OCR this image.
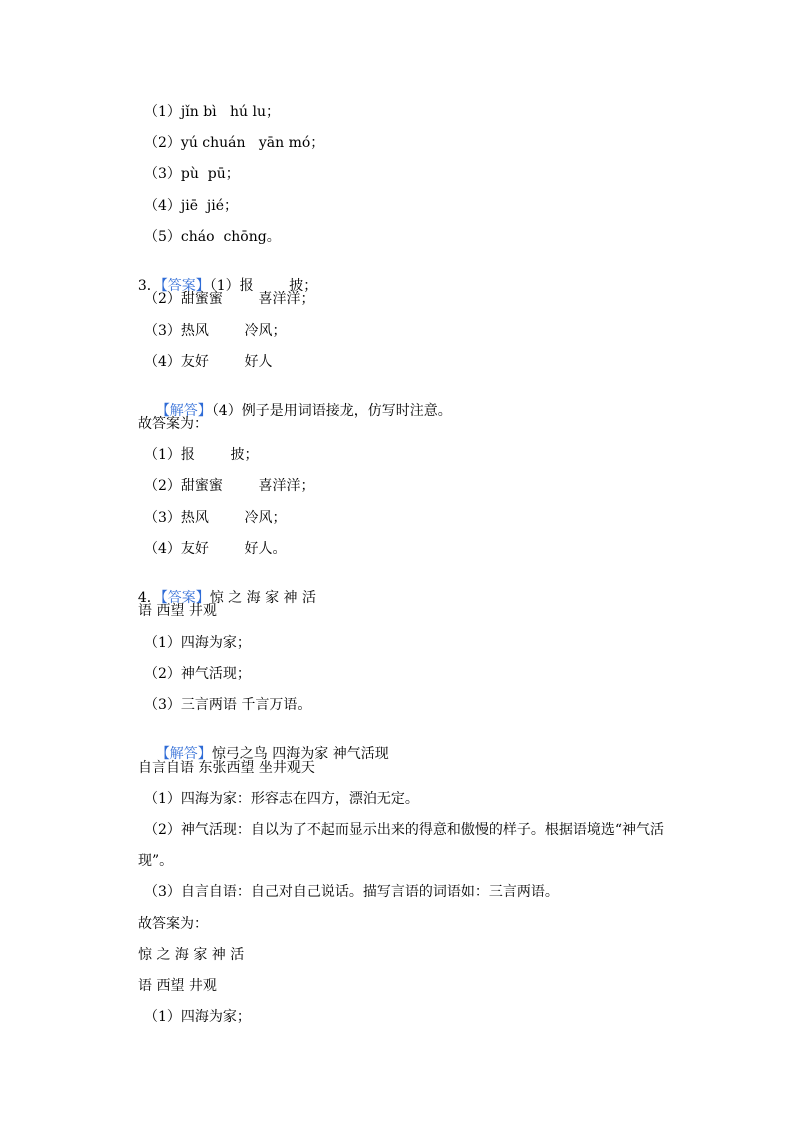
（1）jǐn bì   hú lu；
（2）yú chuán   yān mó；
（3）pù  pū；
（4）jiē  jié；
（5）cháo  chōng。

3．【答案】（1）报        披；

（2）甜蜜蜜        喜洋洋；
（3）热风        冷风；
（4）友好        好人

【解答】（4）例子是用词语接龙，仿写时注意。

故答案为：
（1）报        披；
（2）甜蜜蜜        喜洋洋；
（3）热风        冷风；
（4）友好        好人。

4．【答案】惊 之 海 家 神 活

语 西望 井观
（1）四海为家；
（2）神气活现；
（3）三言两语 千言万语。

【解答】惊弓之鸟 四海为家 神气活现

自言自语 东张西望 坐井观天
（1）四海为家：形容志在四方，漂泊无定。
（2）神气活现：自以为了不起而显示出来的得意和傲慢的样子。根据语境选“神气活
现”。
（3）自言自语：自己对自己说话。描写言语的词语如：三言两语。
故答案为：
惊 之 海 家 神 活
语 西望 井观
（1）四海为家；
